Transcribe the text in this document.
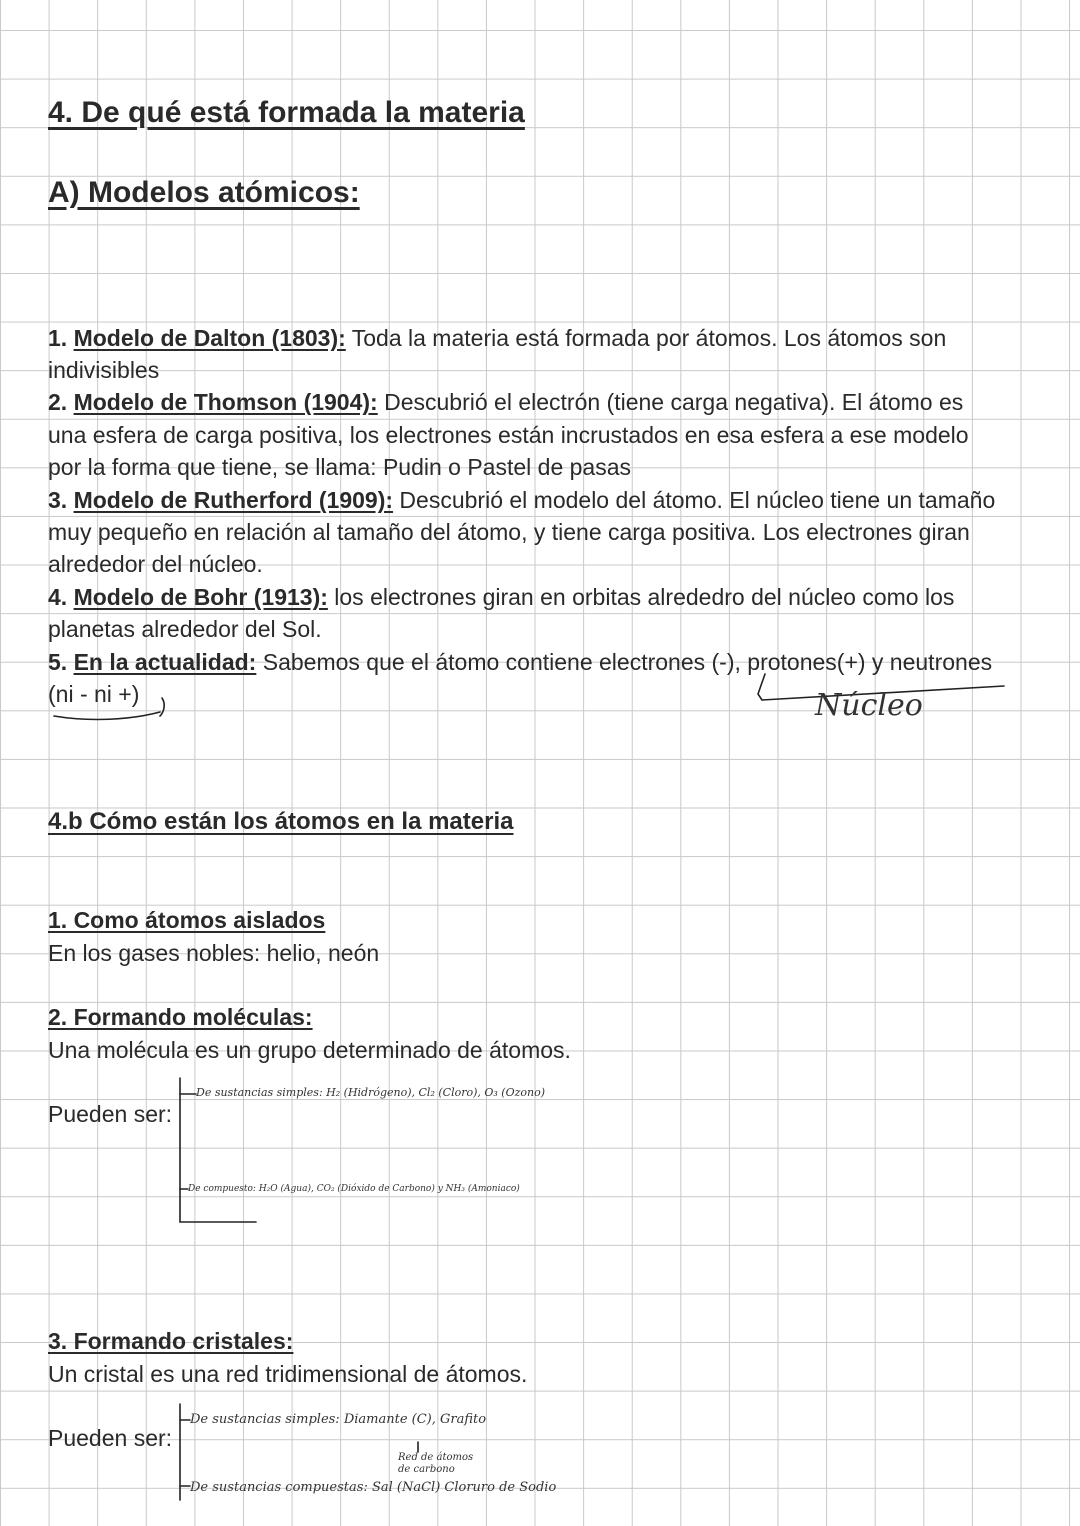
4. De qué está formada la materia
A) Modelos atómicos:
1. Modelo de Dalton (1803): Toda la materia está formada por átomos. Los átomos son
indivisibles
2. Modelo de Thomson (1904): Descubrió el electrón (tiene carga negativa). El átomo es
una esfera de carga positiva, los electrones están incrustados en esa esfera a ese modelo
por la forma que tiene, se llama: Pudin o Pastel de pasas
3. Modelo de Rutherford (1909): Descubrió el modelo del átomo. El núcleo tiene un tamaño
muy pequeño en relación al tamaño del átomo, y tiene carga positiva. Los electrones giran
alrededor del núcleo.
4. Modelo de Bohr (1913): los electrones giran en orbitas alrededro del núcleo como los
planetas alrededor del Sol.
5. En la actualidad: Sabemos que el átomo contiene electrones (-), protones(+) y neutrones
(ni - ni +)	Núcleo
4.b Cómo están los átomos en la materia
1. Como átomos aislados
En los gases nobles: helio, neón
2. Formando moléculas:
Una molécula es un grupo determinado de átomos.
Pueden ser:
De sustancias simples: H₂ (Hidrógeno), Cl₂ (Cloro), O₃ (Ozono)
De compuesto: H₂O (Agua), CO₂ (Dióxido de Carbono) y NH₃ (Amoniaco)
3. Formando cristales:
Un cristal es una red tridimensional de átomos.
Pueden ser:
De sustancias simples: Diamante (C), Grafito
Red de átomos de carbono
De sustancias compuestas: Sal (NaCl) Cloruro de Sodio
